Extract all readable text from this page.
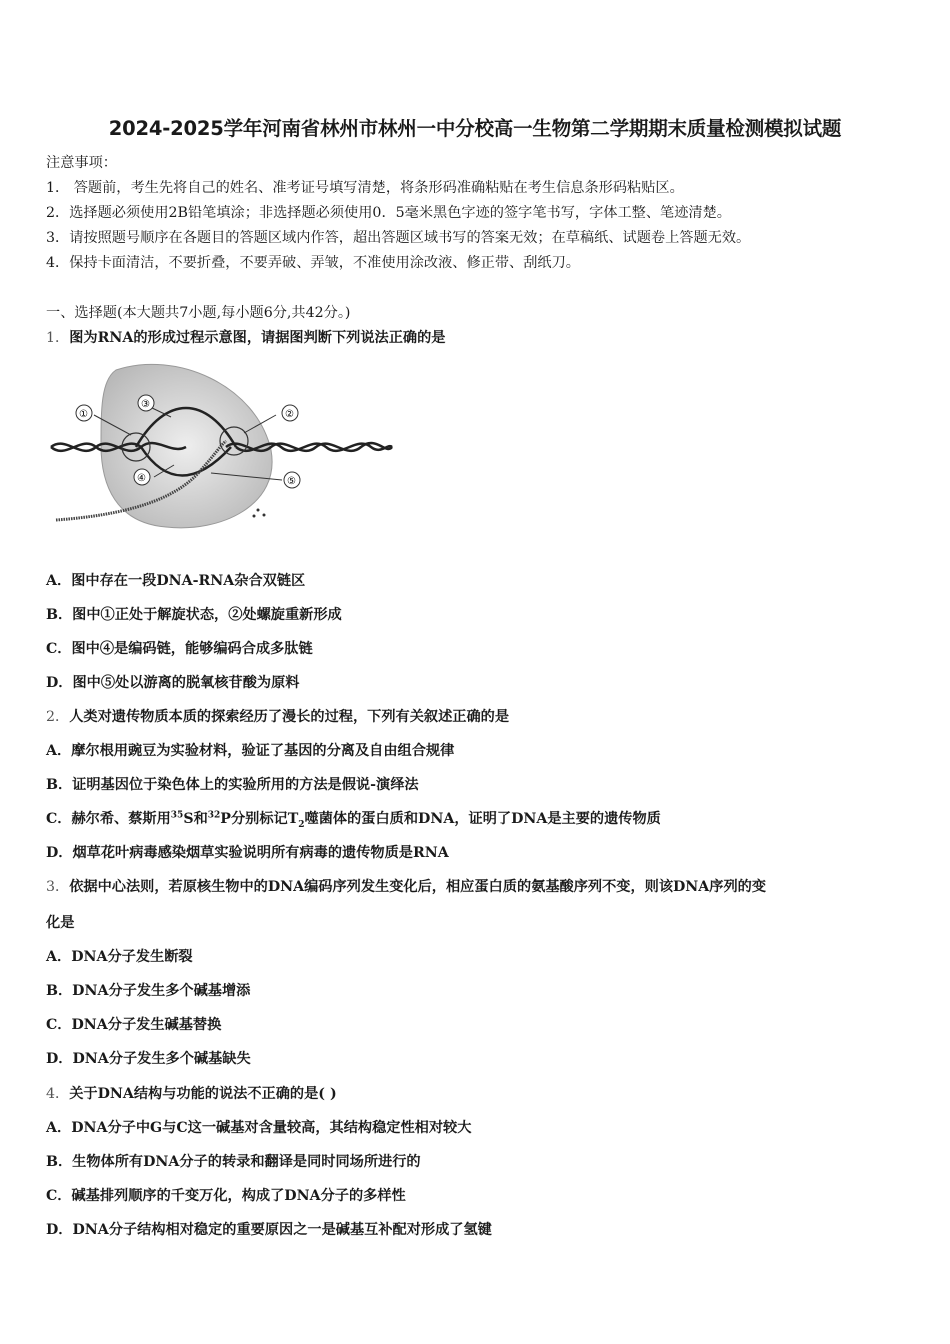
2024-2025学年河南省林州市林州一中分校高一生物第二学期期末质量检测模拟试题
注意事项：
1． 答题前，考生先将自己的姓名、准考证号填写清楚，将条形码准确粘贴在考生信息条形码粘贴区。
2．选择题必须使用2B铅笔填涂；非选择题必须使用0．5毫米黑色字迹的签字笔书写，字体工整、笔迹清楚。
3．请按照题号顺序在各题目的答题区域内作答，超出答题区域书写的答案无效；在草稿纸、试题卷上答题无效。
4．保持卡面清洁，不要折叠，不要弄破、弄皱，不准使用涂改液、修正带、刮纸刀。
一、选择题(本大题共7小题,每小题6分,共42分。)
1．图为RNA的形成过程示意图，请据图判断下列说法正确的是
①	②
③
④	⑤
A．图中存在一段DNA-RNA杂合双链区
B．图中①正处于解旋状态，②处螺旋重新形成
C．图中④是编码链，能够编码合成多肽链
D．图中⑤处以游离的脱氧核苷酸为原料
2．人类对遗传物质本质的探索经历了漫长的过程，下列有关叙述正确的是
A．摩尔根用豌豆为实验材料，验证了基因的分离及自由组合规律
B．证明基因位于染色体上的实验所用的方法是假说-演绎法
C．赫尔希、蔡斯用$^{35}$S和$^{32}$P分别标记$T_2$噬菌体的蛋白质和DNA，证明了DNA是主要的遗传物质
D．烟草花叶病毒感染烟草实验说明所有病毒的遗传物质是RNA
3．依据中心法则，若原核生物中的DNA编码序列发生变化后，相应蛋白质的氨基酸序列不变，则该DNA序列的变
化是
A．DNA分子发生断裂
B．DNA分子发生多个碱基增添
C．DNA分子发生碱基替换
D．DNA分子发生多个碱基缺失
4．关于DNA结构与功能的说法不正确的是( )
A．DNA分子中G与C这一碱基对含量较高，其结构稳定性相对较大
B．生物体所有DNA分子的转录和翻译是同时同场所进行的
C．碱基排列顺序的千变万化，构成了DNA分子的多样性
D．DNA分子结构相对稳定的重要原因之一是碱基互补配对形成了氢键
